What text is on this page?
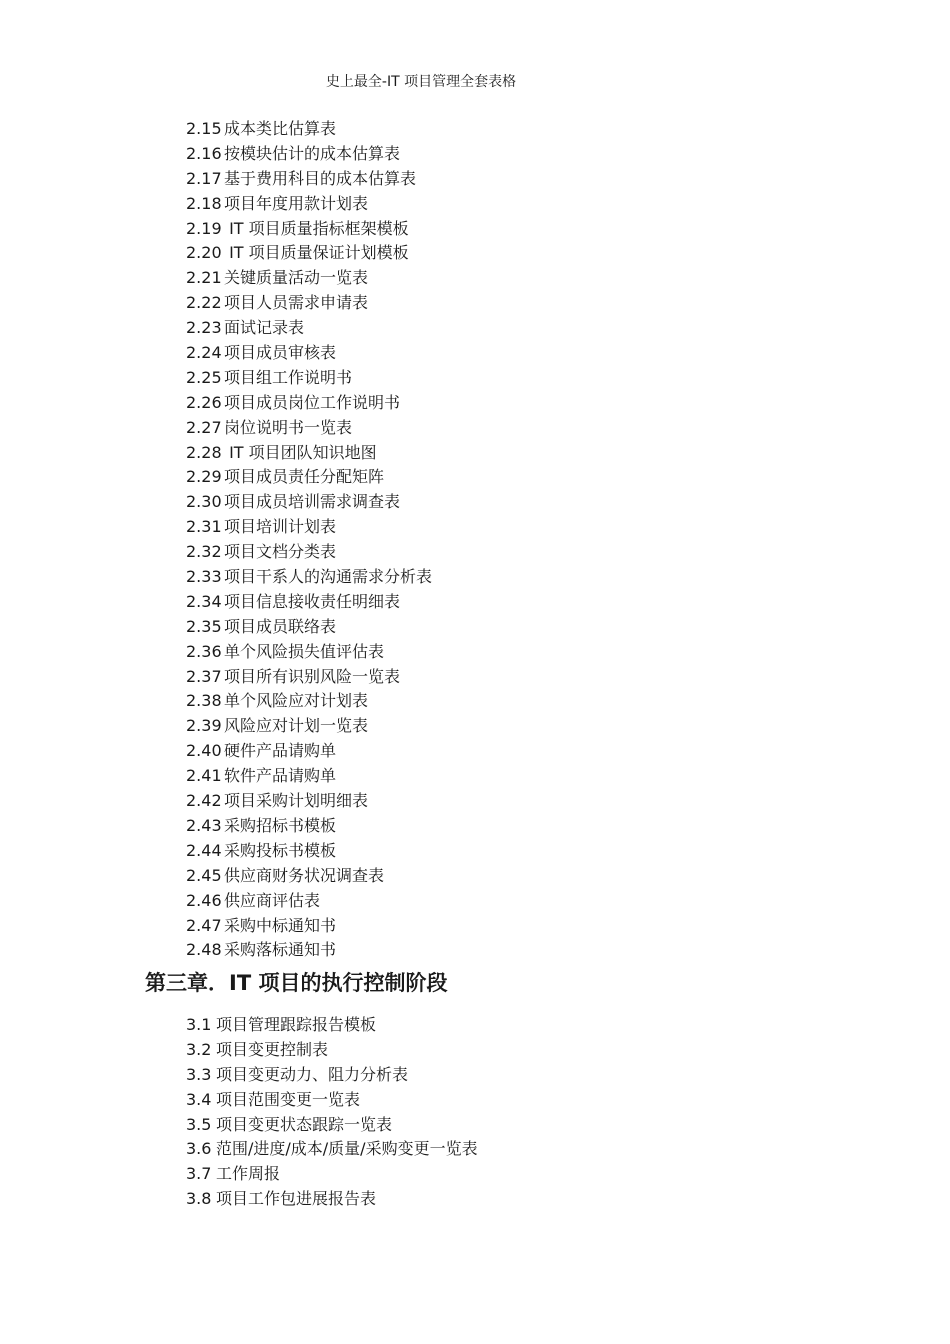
史上最全-IT 项目管理全套表格
2.15 成本类比估算表
2.16 按模块估计的成本估算表
2.17 基于费用科目的成本估算表
2.18 项目年度用款计划表
2.19 IT 项目质量指标框架模板
2.20 IT 项目质量保证计划模板
2.21 关键质量活动一览表
2.22 项目人员需求申请表
2.23 面试记录表
2.24 项目成员审核表
2.25 项目组工作说明书
2.26 项目成员岗位工作说明书
2.27 岗位说明书一览表
2.28 IT 项目团队知识地图
2.29 项目成员责任分配矩阵
2.30 项目成员培训需求调查表
2.31 项目培训计划表
2.32 项目文档分类表
2.33 项目干系人的沟通需求分析表
2.34 项目信息接收责任明细表
2.35 项目成员联络表
2.36 单个风险损失值评估表
2.37 项目所有识别风险一览表
2.38 单个风险应对计划表
2.39 风险应对计划一览表
2.40 硬件产品请购单
2.41 软件产品请购单
2.42 项目采购计划明细表
2.43 采购招标书模板
2.44 采购投标书模板
2.45 供应商财务状况调查表
2.46 供应商评估表
2.47 采购中标通知书
2.48 采购落标通知书
第三章．IT 项目的执行控制阶段
3.1 项目管理跟踪报告模板
3.2 项目变更控制表
3.3 项目变更动力、阻力分析表
3.4 项目范围变更一览表
3.5 项目变更状态跟踪一览表
3.6 范围/进度/成本/质量/采购变更一览表
3.7 工作周报
3.8 项目工作包进展报告表
